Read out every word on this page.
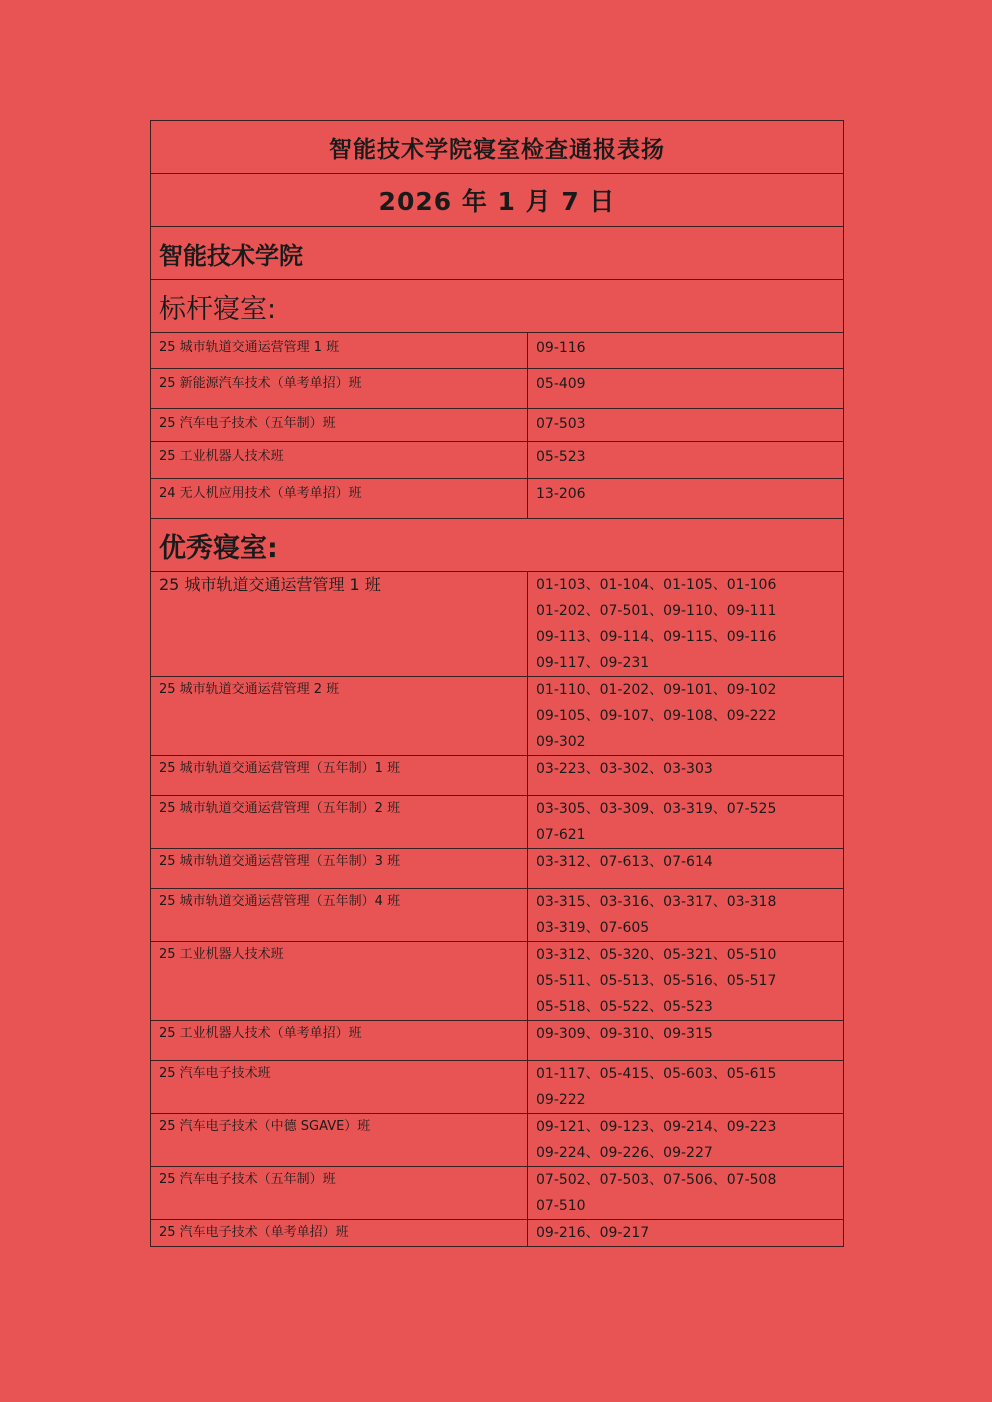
智能技术学院寝室检查通报表扬	
2026 年 1 月 7 日	
智能技术学院	
标杆寝室:	
25 城市轨道交通运营管理 1 班	09-116

25 新能源汽车技术（单考单招）班	05-409

25 汽车电子技术（五年制）班	07-503

25 工业机器人技术班	05-523

24 无人机应用技术（单考单招）班	13-206

优秀寝室:	
25 城市轨道交通运营管理 1 班	01-103、01-104、01-105、01-106
01-202、07-501、09-110、09-111
09-113、09-114、09-115、09-116
09-117、09-231

25 城市轨道交通运营管理 2 班	01-110、01-202、09-101、09-102
09-105、09-107、09-108、09-222
09-302

25 城市轨道交通运营管理（五年制）1 班	03-223、03-302、03-303

25 城市轨道交通运营管理（五年制）2 班	03-305、03-309、03-319、07-525
07-621

25 城市轨道交通运营管理（五年制）3 班	03-312、07-613、07-614

25 城市轨道交通运营管理（五年制）4 班	03-315、03-316、03-317、03-318
03-319、07-605

25 工业机器人技术班	03-312、05-320、05-321、05-510
05-511、05-513、05-516、05-517
05-518、05-522、05-523

25 工业机器人技术（单考单招）班	09-309、09-310、09-315

25 汽车电子技术班	01-117、05-415、05-603、05-615
09-222

25 汽车电子技术（中德 SGAVE）班	09-121、09-123、09-214、09-223
09-224、09-226、09-227

25 汽车电子技术（五年制）班	07-502、07-503、07-506、07-508
07-510

25 汽车电子技术（单考单招）班	09-216、09-217
